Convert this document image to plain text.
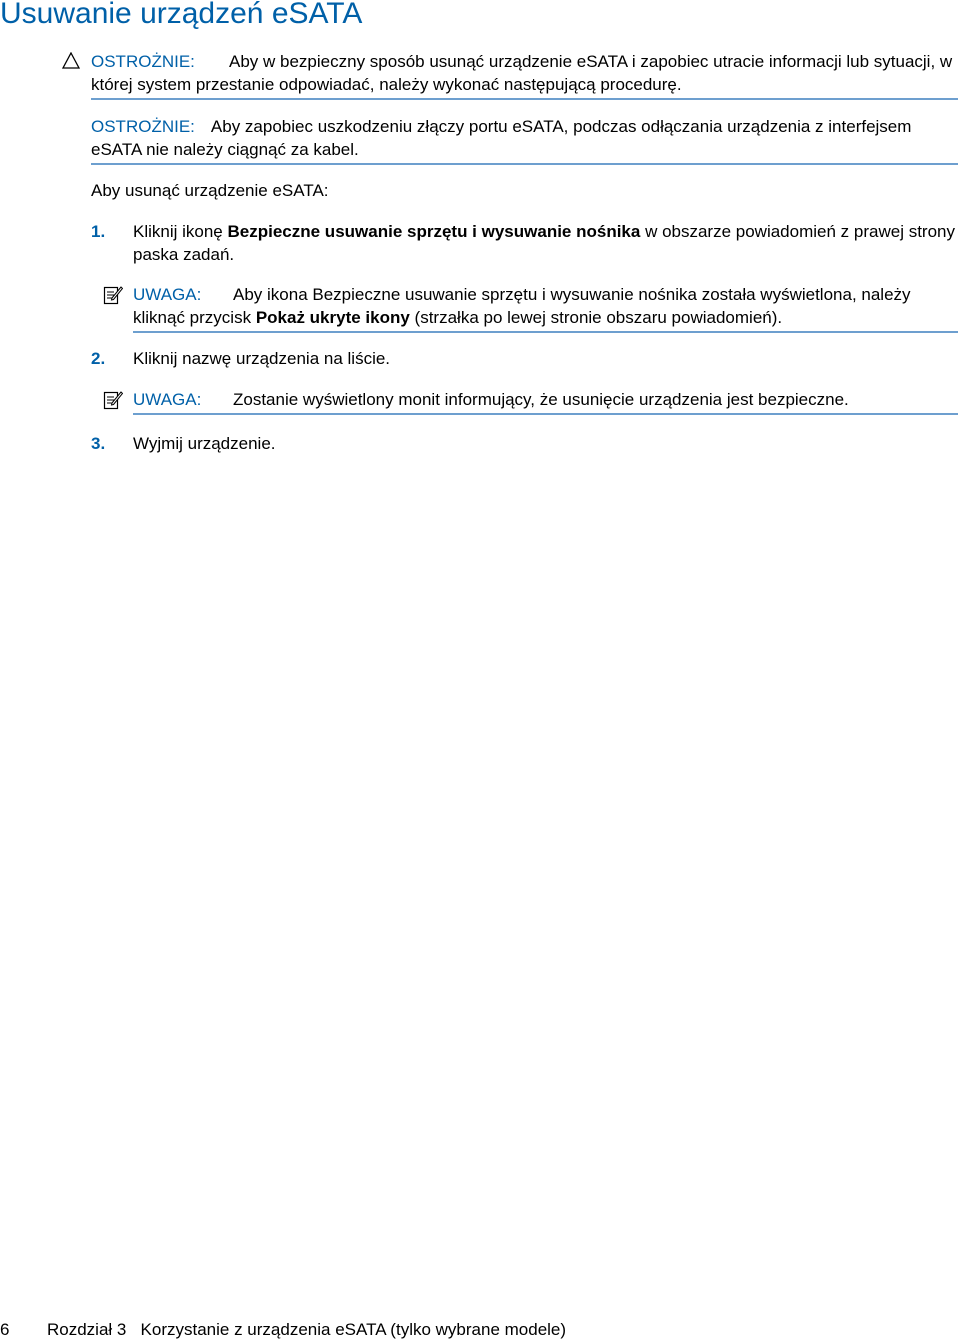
Usuwanie urządzeń eSATA
OSTROŻNIE: Aby w bezpieczny sposób usunąć urządzenie eSATA i zapobiec utracie informacji lub sytuacji, w której system przestanie odpowiadać, należy wykonać następującą procedurę.
OSTROŻNIE: Aby zapobiec uszkodzeniu złączy portu eSATA, podczas odłączania urządzenia z interfejsem eSATA nie należy ciągnąć za kabel.
Aby usunąć urządzenie eSATA:
1. Kliknij ikonę Bezpieczne usuwanie sprzętu i wysuwanie nośnika w obszarze powiadomień z prawej strony paska zadań.
UWAGA: Aby ikona Bezpieczne usuwanie sprzętu i wysuwanie nośnika została wyświetlona, należy kliknąć przycisk Pokaż ukryte ikony (strzałka po lewej stronie obszaru powiadomień).
2. Kliknij nazwę urządzenia na liście.
UWAGA: Zostanie wyświetlony monit informujący, że usunięcie urządzenia jest bezpieczne.
3. Wyjmij urządzenie.
6 Rozdział 3   Korzystanie z urządzenia eSATA (tylko wybrane modele)
